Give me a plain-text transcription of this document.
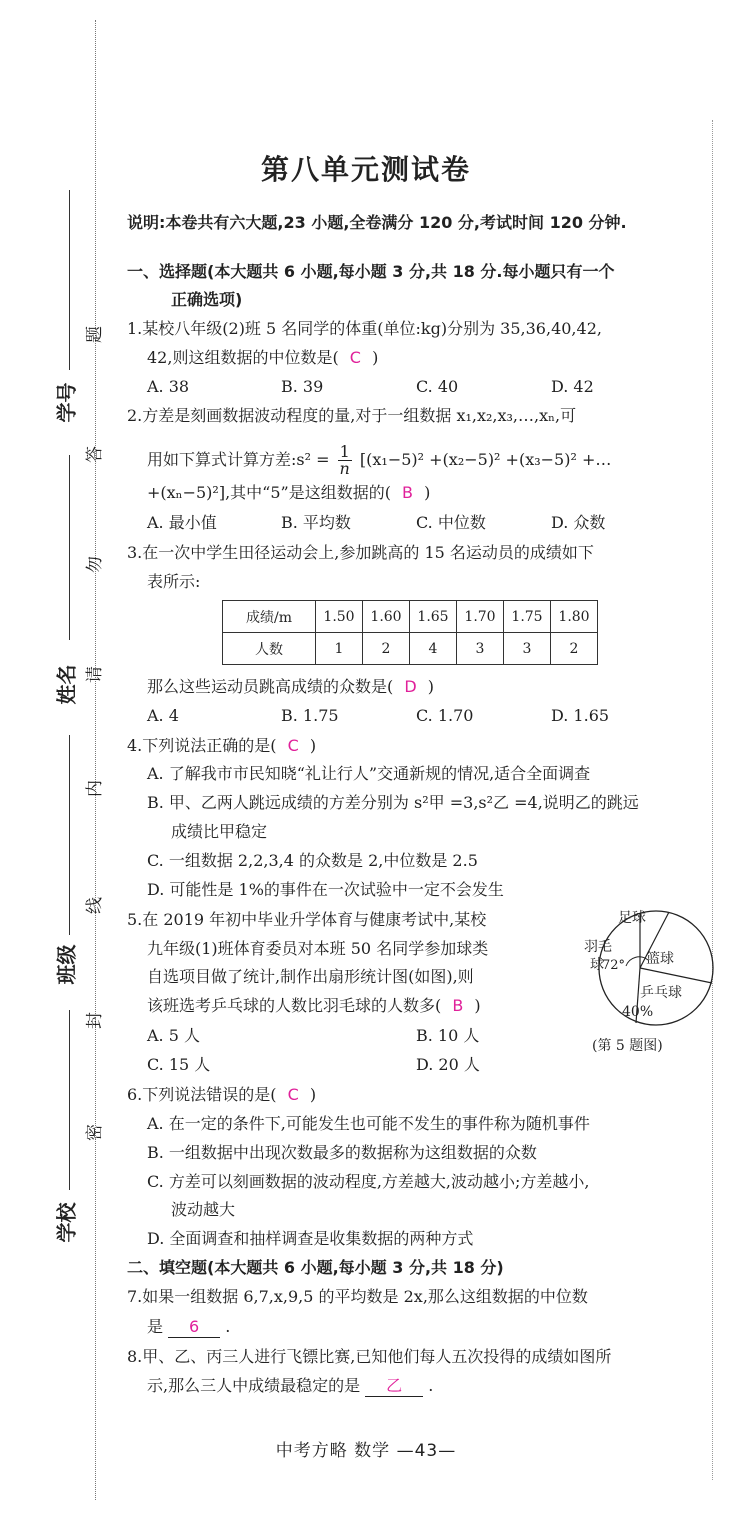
学号
姓名
班级
学校
题
答
勿
请
内
线
封
密
第八单元测试卷
说明:本卷共有六大题,23 小题,全卷满分 120 分,考试时间 120 分钟.
一、选择题(本大题共 6 小题,每小题 3 分,共 18 分.每小题只有一个
正确选项)
1.某校八年级(2)班 5 名同学的体重(单位:kg)分别为 35,36,40,42,
42,则这组数据的中位数是( C )
A. 38	B. 39	C. 40	D. 42
2.方差是刻画数据波动程度的量,对于一组数据 x₁,x₂,x₃,…,xₙ,可
用如下算式计算方差:s² = $\frac{1}{n} [(x_1-5)^2 +(x_2-5)^2 +(x_3-5)^2$ +…
+(xₙ−5)²],其中“5”是这组数据的( B )
A. 最小值	B. 平均数	C. 中位数	D. 众数
3.在一次中学生田径运动会上,参加跳高的 15 名运动员的成绩如下
表所示:
成绩/m	1.50	1.60	1.65	1.70	1.75	1.80
人数	1	2	4	3	3	2
那么这些运动员跳高成绩的众数是( D )
A. 4	B. 1.75	C. 1.70	D. 1.65
4.下列说法正确的是( C )
A. 了解我市市民知晓“礼让行人”交通新规的情况,适合全面调查
B. 甲、乙两人跳远成绩的方差分别为 s²甲 =3,s²乙 =4,说明乙的跳远
成绩比甲稳定
C. 一组数据 2,2,3,4 的众数是 2,中位数是 2.5
D. 可能性是 1%的事件在一次试验中一定不会发生
5.在 2019 年初中毕业升学体育与健康考试中,某校
九年级(1)班体育委员对本班 50 名同学参加球类
自选项目做了统计,制作出扇形统计图(如图),则
该班选考乒乓球的人数比羽毛球的人数多( B )
A. 5 人	B. 10 人
C. 15 人	D. 20 人
足球
羽毛
球
72° 篮球
乒乓球
40%
(第 5 题图)
6.下列说法错误的是( C )
A. 在一定的条件下,可能发生也可能不发生的事件称为随机事件
B. 一组数据中出现次数最多的数据称为这组数据的众数
C. 方差可以刻画数据的波动程度,方差越大,波动越小;方差越小,
波动越大
D. 全面调查和抽样调查是收集数据的两种方式
二、填空题(本大题共 6 小题,每小题 3 分,共 18 分)
7.如果一组数据 6,7,x,9,5 的平均数是 2x,那么这组数据的中位数
是 6 .
8.甲、乙、丙三人进行飞镖比赛,已知他们每人五次投得的成绩如图所
示,那么三人中成绩最稳定的是 乙 .
中考方略 数学 —43—
